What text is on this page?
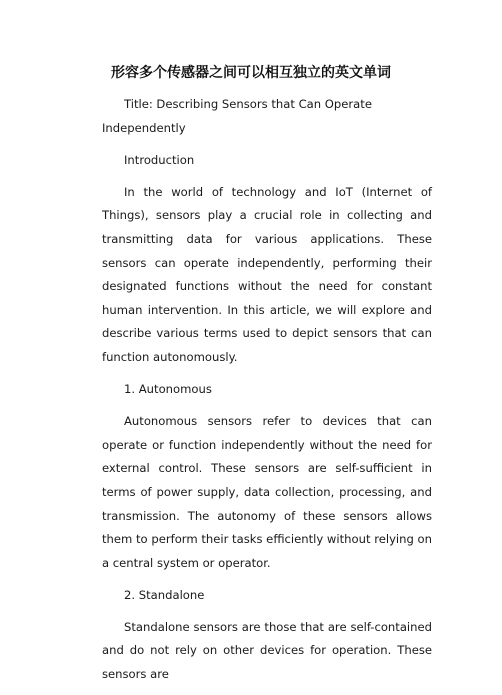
形容多个传感器之间可以相互独立的英文单词

Title: Describing Sensors that Can Operate Independently

Introduction

In the world of technology and IoT (Internet of Things), sensors play a crucial role in collecting and transmitting data for various applications. These sensors can operate independently, performing their designated functions without the need for constant human intervention. In this article, we will explore and describe various terms used to depict sensors that can function autonomously.

1. Autonomous

Autonomous sensors refer to devices that can operate or function independently without the need for external control. These sensors are self-sufficient in terms of power supply, data collection, processing, and transmission. The autonomy of these sensors allows them to perform their tasks efficiently without relying on a central system or operator.

2. Standalone

Standalone sensors are those that are self-contained and do not rely on other devices for operation. These sensors are
